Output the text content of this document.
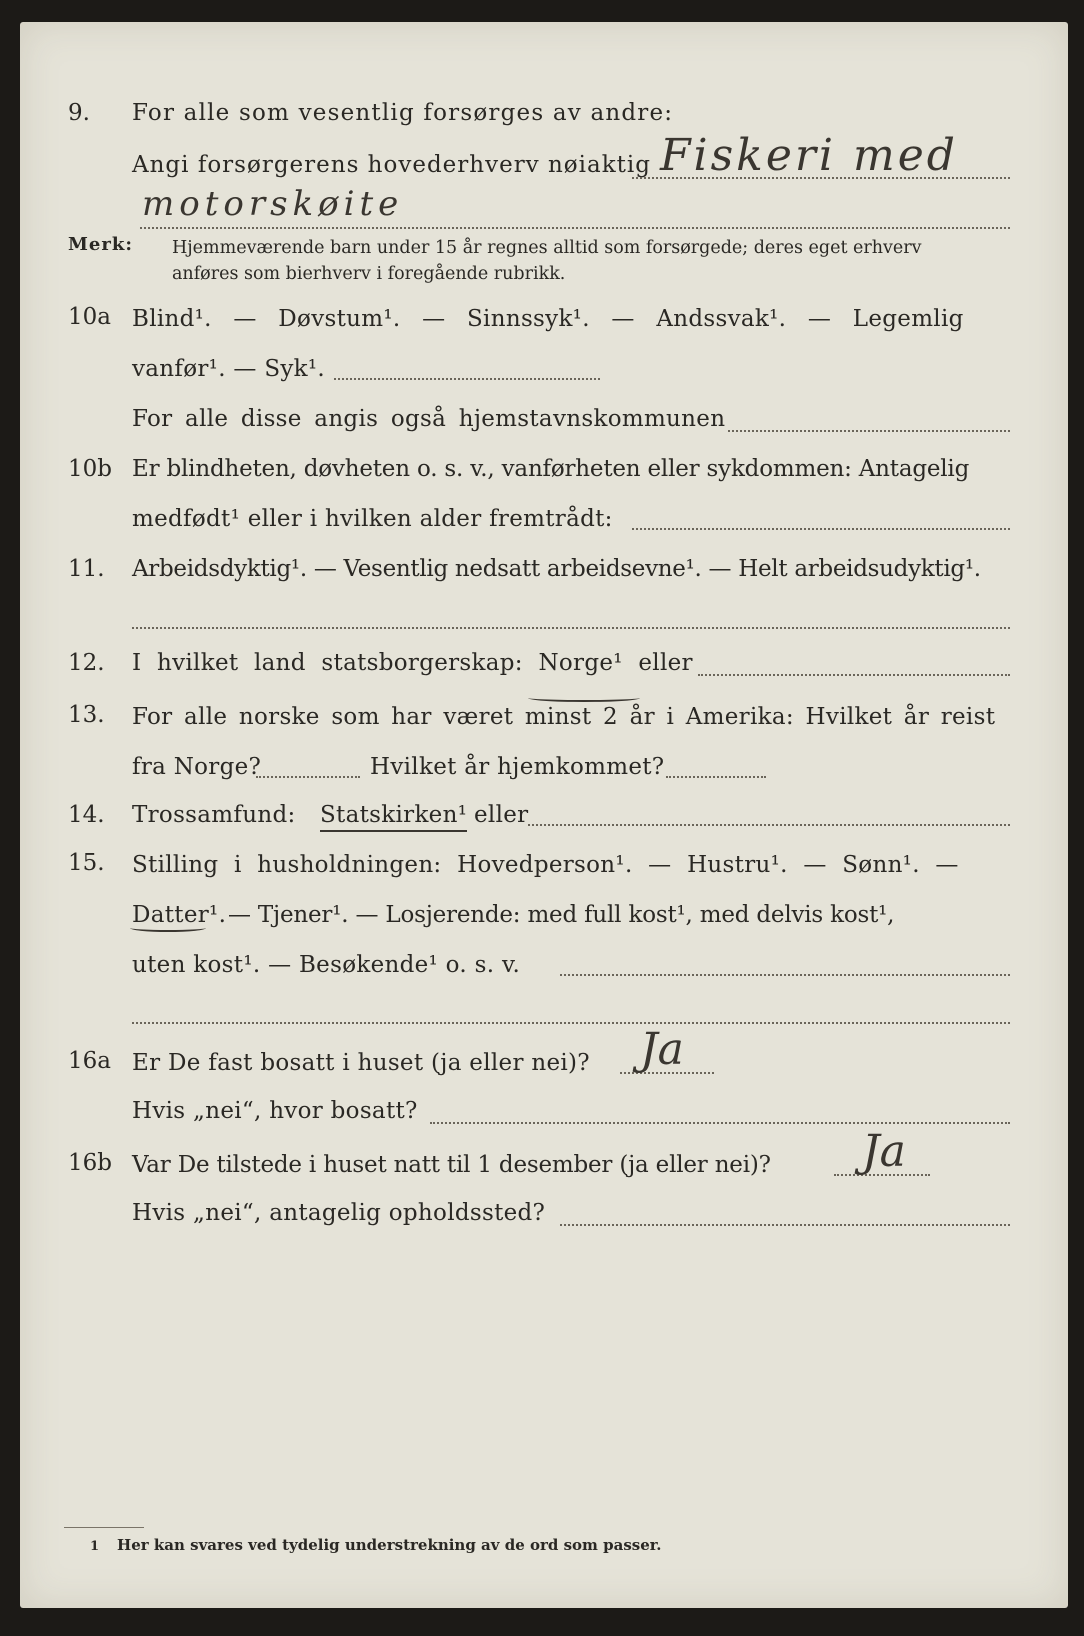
9. For alle som vesentlig forsørges av andre:
Angi forsørgerens hovederhverv nøiaktig Fiskeri med
motorskøite
Merk: Hjemmeværende barn under 15 år regnes alltid som forsørgede; deres eget erhverv
anføres som bierhverv i foregående rubrikk.
10a Blind¹. — Døvstum¹. — Sinnssyk¹. — Andssvak¹. — Legemlig
vanfør¹. — Syk¹.
For alle disse angis også hjemstavnskommunen
10b Er blindheten, døvheten o. s. v., vanførheten eller sykdommen: Antagelig
medfødt¹ eller i hvilken alder fremtrådt:
11. Arbeidsdyktig¹. — Vesentlig nedsatt arbeidsevne¹. — Helt arbeidsudyktig¹.
12. I hvilket land statsborgerskap: Norge¹ eller
13. For alle norske som har været minst 2 år i Amerika: Hvilket år reist
fra Norge?	Hvilket år hjemkommet?
14. Trossamfund: Statskirken¹ eller
15. Stilling i husholdningen: Hovedperson¹. — Hustru¹. — Sønn¹. —
Datter¹. — Tjener¹. — Losjerende: med full kost¹, med delvis kost¹,
uten kost¹. — Besøkende¹ o. s. v.
16a Er De fast bosatt i huset (ja eller nei)? Ja
Hvis „nei“, hvor bosatt?
16b Var De tilstede i huset natt til 1 desember (ja eller nei)? Ja
Hvis „nei“, antagelig opholdssted?
1 Her kan svares ved tydelig understrekning av de ord som passer.
